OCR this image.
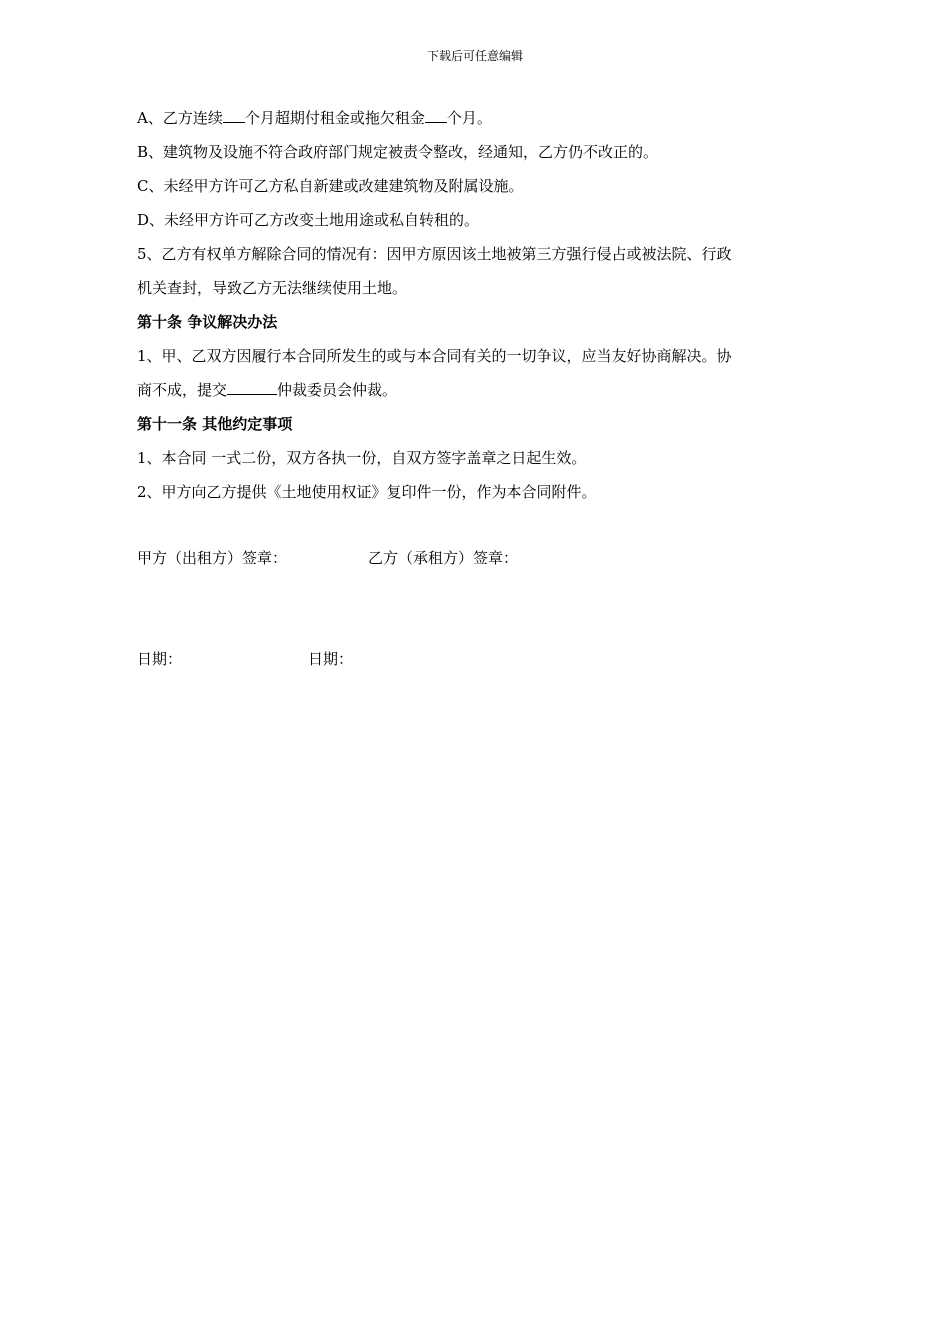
下载后可任意编辑
A、乙方连续 个月超期付租金或拖欠租金 个月。
B、建筑物及设施不符合政府部门规定被责令整改，经通知，乙方仍不改正的。
C、未经甲方许可乙方私自新建或改建建筑物及附属设施。
D、未经甲方许可乙方改变土地用途或私自转租的。
5、乙方有权单方解除合同的情况有：因甲方原因该土地被第三方强行侵占或被法院、行政
机关查封，导致乙方无法继续使用土地。
第十条 争议解决办法
1、甲、乙双方因履行本合同所发生的或与本合同有关的一切争议，应当友好协商解决。协
商不成，提交	仲裁委员会仲裁。
第十一条 其他约定事项
1、本合同 一式二份，双方各执一份，自双方签字盖章之日起生效。
2、甲方向乙方提供《土地使用权证》复印件一份，作为本合同附件。
甲方（出租方）签章：	乙方（承租方）签章：
日期：	日期：
